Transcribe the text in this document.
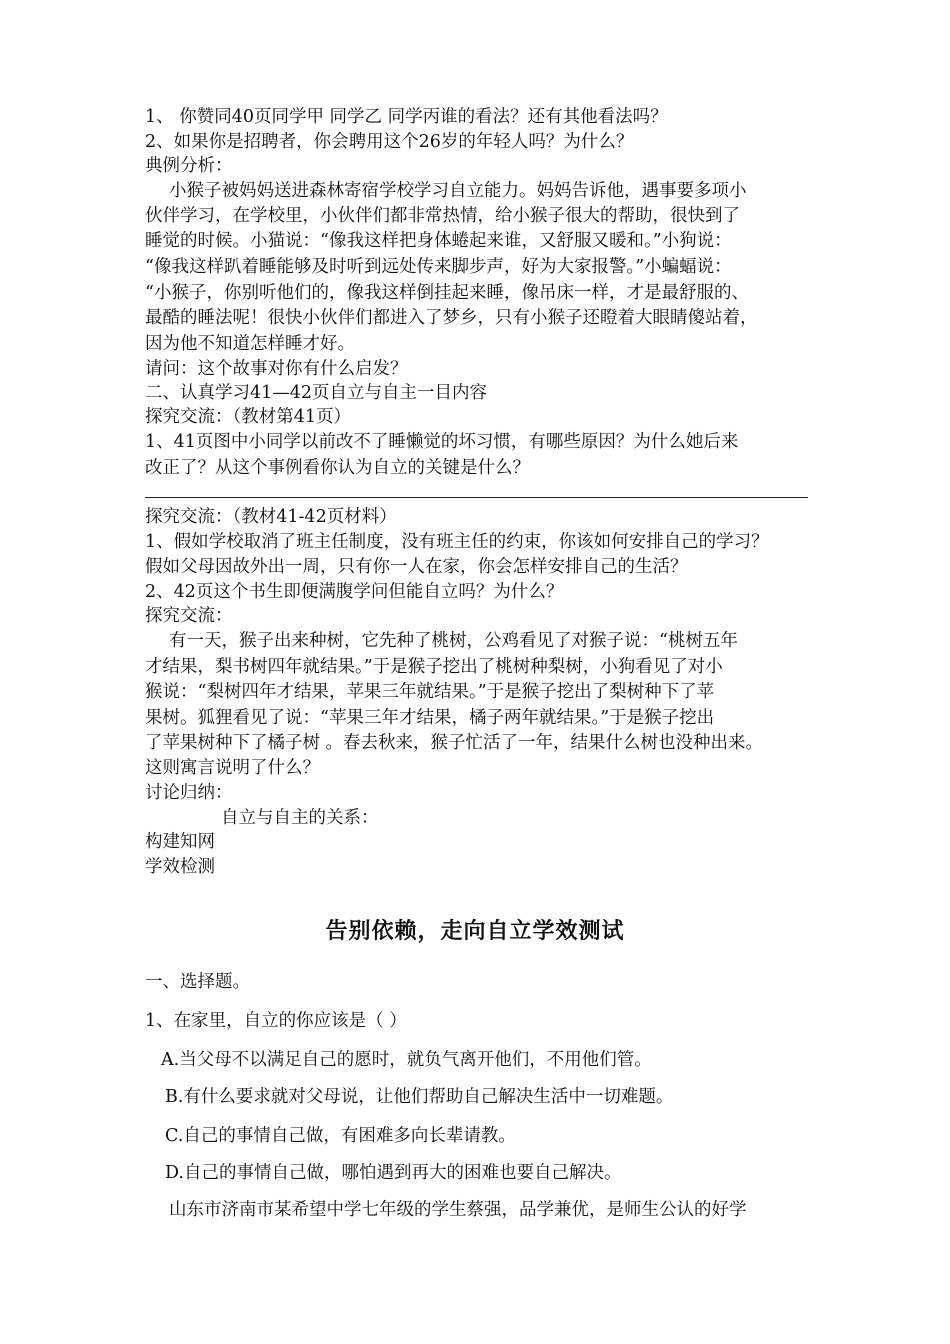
1、 你赞同40页同学甲 同学乙 同学丙谁的看法？还有其他看法吗？
2、如果你是招聘者，你会聘用这个26岁的年轻人吗？为什么？
典例分析：
小猴子被妈妈送进森林寄宿学校学习自立能力。妈妈告诉他，遇事要多项小
伙伴学习，在学校里，小伙伴们都非常热情，给小猴子很大的帮助，很快到了
睡觉的时候。小猫说：“像我这样把身体蜷起来谁，又舒服又暖和。”小狗说：
“像我这样趴着睡能够及时听到远处传来脚步声，好为大家报警。”小蝙蝠说：
“小猴子，你别听他们的，像我这样倒挂起来睡，像吊床一样，才是最舒服的、
最酷的睡法呢！很快小伙伴们都进入了梦乡，只有小猴子还瞪着大眼睛傻站着，
因为他不知道怎样睡才好。
请问：这个故事对你有什么启发？
二、认真学习41—42页自立与自主一目内容
探究交流：（教材第41页）
1、41页图中小同学以前改不了睡懒觉的坏习惯，有哪些原因？为什么她后来
改正了？从这个事例看你认为自立的关键是什么？
探究交流：（教材41-42页材料）
1、假如学校取消了班主任制度，没有班主任的约束，你该如何安排自己的学习？
假如父母因故外出一周，只有你一人在家，你会怎样安排自己的生活？
2、42页这个书生即便满腹学问但能自立吗？为什么？
探究交流：
有一天，猴子出来种树，它先种了桃树，公鸡看见了对猴子说：“桃树五年
才结果，梨书树四年就结果。”于是猴子挖出了桃树种梨树，小狗看见了对小
猴说：“梨树四年才结果，苹果三年就结果。”于是猴子挖出了梨树种下了苹
果树。狐狸看见了说：“苹果三年才结果，橘子两年就结果。”于是猴子挖出
了苹果树种下了橘子树 。春去秋来，猴子忙活了一年，结果什么树也没种出来。
这则寓言说明了什么？
讨论归纳：
自立与自主的关系：
构建知网
学效检测
告别依赖，走向自立学效测试
一、选择题。
1、在家里，自立的你应该是（ ）
A.当父母不以满足自己的愿时，就负气离开他们，不用他们管。
B.有什么要求就对父母说，让他们帮助自己解决生活中一切难题。
C.自己的事情自己做，有困难多向长辈请教。
D.自己的事情自己做，哪怕遇到再大的困难也要自己解决。
山东市济南市某希望中学七年级的学生蔡强，品学兼优，是师生公认的好学
